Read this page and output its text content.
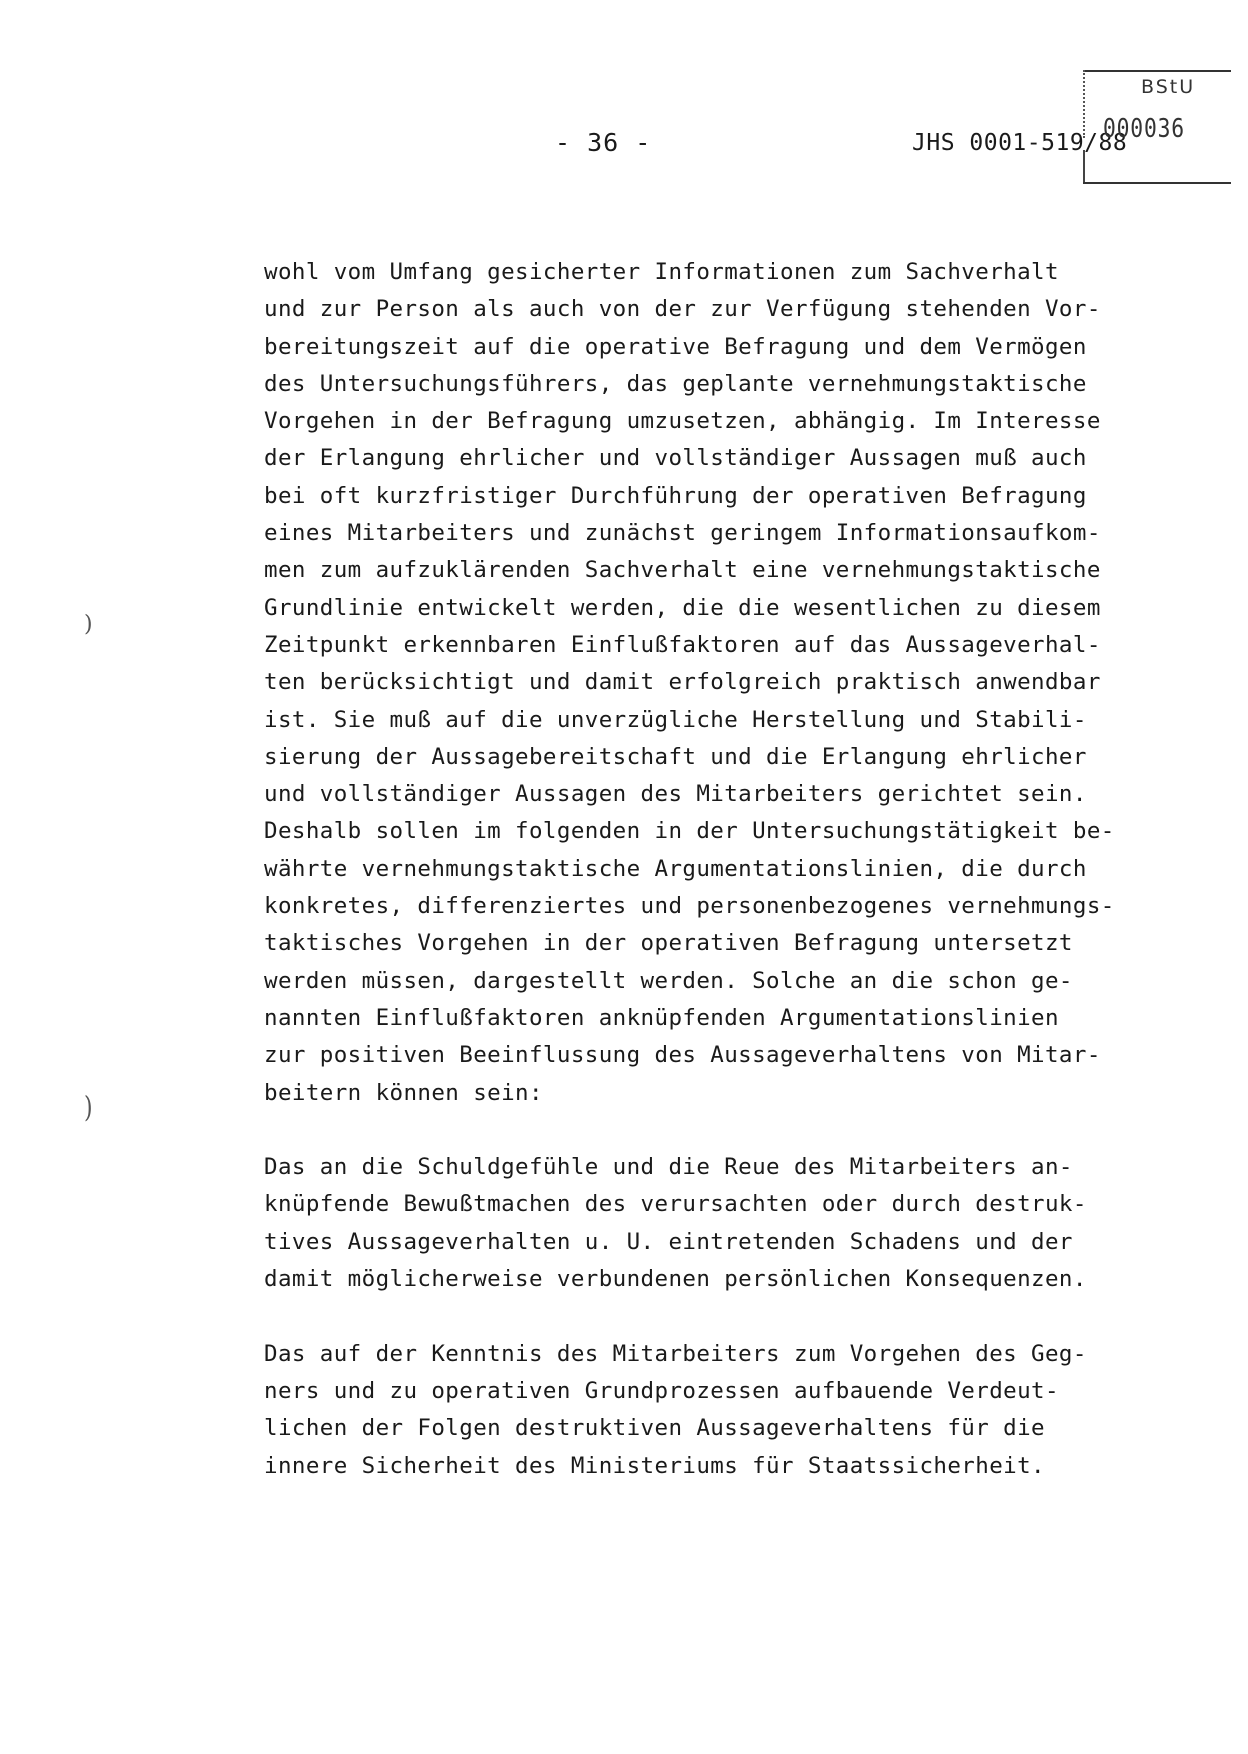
- 36 -	JHS 0001-519/88
BStU
000036
)
)
wohl vom Umfang gesicherter Informationen zum Sachverhalt
und zur Person als auch von der zur Verfügung stehenden Vor-
bereitungszeit auf die operative Befragung und dem Vermögen
des Untersuchungsführers, das geplante vernehmungstaktische
Vorgehen in der Befragung umzusetzen, abhängig. Im Interesse
der Erlangung ehrlicher und vollständiger Aussagen muß auch
bei oft kurzfristiger Durchführung der operativen Befragung
eines Mitarbeiters und zunächst geringem Informationsaufkom-
men zum aufzuklärenden Sachverhalt eine vernehmungstaktische
Grundlinie entwickelt werden, die die wesentlichen zu diesem
Zeitpunkt erkennbaren Einflußfaktoren auf das Aussageverhal-
ten berücksichtigt und damit erfolgreich praktisch anwendbar
ist. Sie muß auf die unverzügliche Herstellung und Stabili-
sierung der Aussagebereitschaft und die Erlangung ehrlicher
und vollständiger Aussagen des Mitarbeiters gerichtet sein.
Deshalb sollen im folgenden in der Untersuchungstätigkeit be-
währte vernehmungstaktische Argumentationslinien, die durch
konkretes, differenziertes und personenbezogenes vernehmungs-
taktisches Vorgehen in der operativen Befragung untersetzt
werden müssen, dargestellt werden. Solche an die schon ge-
nannten Einflußfaktoren anknüpfenden Argumentationslinien
zur positiven Beeinflussung des Aussageverhaltens von Mitar-
beitern können sein:
Das an die Schuldgefühle und die Reue des Mitarbeiters an-
knüpfende Bewußtmachen des verursachten oder durch destruk-
tives Aussageverhalten u. U. eintretenden Schadens und der
damit möglicherweise verbundenen persönlichen Konsequenzen.
Das auf der Kenntnis des Mitarbeiters zum Vorgehen des Geg-
ners und zu operativen Grundprozessen aufbauende Verdeut-
lichen der Folgen destruktiven Aussageverhaltens für die
innere Sicherheit des Ministeriums für Staatssicherheit.
